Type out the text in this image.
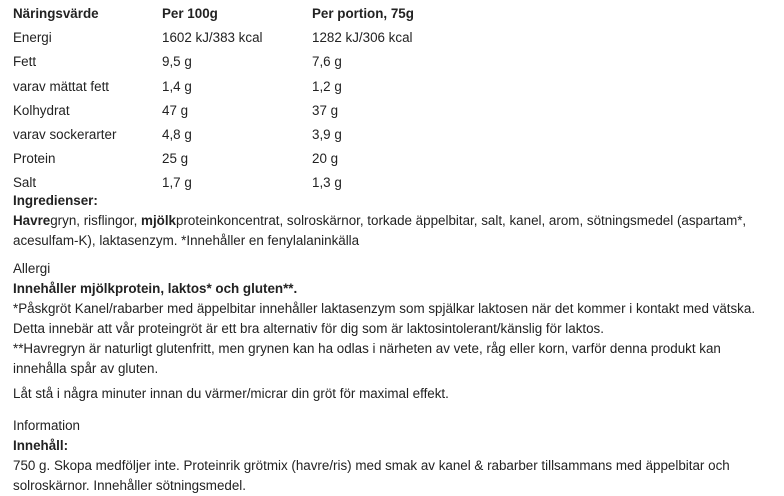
Näringsvärde	Per 100g	Per portion, 75g
Energi	1602 kJ/383 kcal	1282 kJ/306 kcal
Fett	9,5 g	7,6 g
varav mättat fett	1,4 g	1,2 g
Kolhydrat	47 g	37 g
varav sockerarter	4,8 g	3,9 g
Protein	25 g	20 g
Salt	1,7 g	1,3 g

Ingredienser:

Havregryn, risflingor, mjölkproteinkoncentrat, solroskärnor, torkade äppelbitar, salt, kanel, arom, sötningsmedel (aspartam*, acesulfam-K), laktasenzym. *Innehåller en fenylalaninkälla

Allergi

Innehåller mjölkprotein, laktos* och gluten**.

*Påskgröt Kanel/rabarber med äppelbitar innehåller laktasenzym som spjälkar laktosen när det kommer i kontakt med vätska. Detta innebär att vår proteingröt är ett bra alternativ för dig som är laktosintolerant/känslig för laktos.

**Havregryn är naturligt glutenfritt, men grynen kan ha odlas i närheten av vete, råg eller korn, varför denna produkt kan innehålla spår av gluten.

Låt stå i några minuter innan du värmer/micrar din gröt för maximal effekt.

Information

Innehåll:

750 g. Skopa medföljer inte. Proteinrik grötmix (havre/ris) med smak av kanel & rabarber tillsammans med äppelbitar och solroskärnor. Innehåller sötningsmedel.
